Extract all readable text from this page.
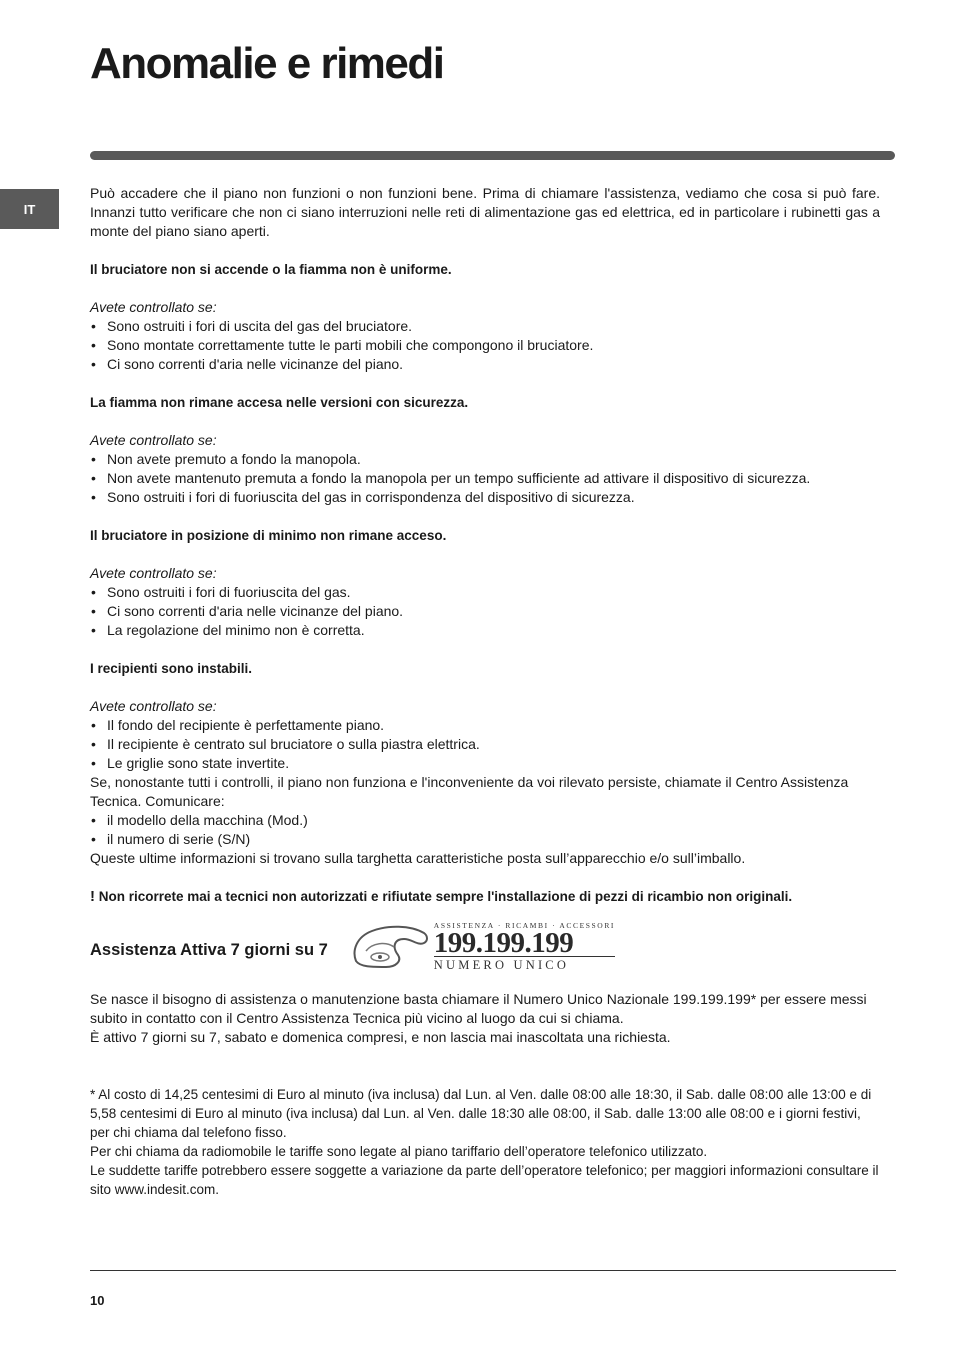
Anomalie e rimedi
IT

Può accadere che il piano non funzioni o non funzioni bene. Prima di chiamare l'assistenza, vediamo che cosa si può fare. Innanzi tutto verificare che non ci siano interruzioni nelle reti di alimentazione gas ed elettrica, ed in particolare i rubinetti gas a monte del piano siano aperti.

Il bruciatore non si accende o la fiamma non è uniforme.

Avete controllato se:

• Sono ostruiti i fori di uscita del gas del bruciatore.
• Sono montate correttamente tutte le parti mobili che compongono il bruciatore.
• Ci sono correnti d'aria nelle vicinanze del piano.

La fiamma non rimane accesa nelle versioni con sicurezza.

Avete controllato se:

• Non avete premuto a fondo la manopola.
• Non avete mantenuto premuta a fondo la manopola per un tempo sufficiente ad attivare il dispositivo di sicurezza.
• Sono ostruiti i fori di fuoriuscita del gas in corrispondenza del dispositivo di sicurezza.

Il bruciatore in posizione di minimo non rimane acceso.

Avete controllato se:

• Sono ostruiti i fori di fuoriuscita del gas.
• Ci sono correnti d'aria nelle vicinanze del piano.
• La regolazione del minimo non è corretta.

I recipienti sono instabili.

Avete controllato se:

• Il fondo del recipiente è perfettamente piano.
• Il recipiente è centrato sul bruciatore o sulla piastra elettrica.
• Le griglie sono state invertite.

Se, nonostante tutti i controlli, il piano non funziona e l'inconveniente da voi rilevato persiste, chiamate il Centro Assistenza Tecnica. Comunicare:

• il modello della macchina (Mod.)
• il numero di serie (S/N)

Queste ultime informazioni si trovano sulla targhetta caratteristiche posta sull’apparecchio e/o sull’imballo.

! Non ricorrete mai a tecnici non autorizzati e rifiutate sempre l'installazione di pezzi di ricambio non originali.

Assistenza Attiva 7 giorni su 7
ASSISTENZA · RICAMBI · ACCESSORI
199.199.199
NUMERO UNICO

Se nasce il bisogno di assistenza o manutenzione basta chiamare il Numero Unico Nazionale 199.199.199* per essere messi subito in contatto con il Centro Assistenza Tecnica più vicino al luogo da cui si chiama.

È attivo 7 giorni su 7, sabato e domenica compresi, e non lascia mai inascoltata una richiesta.

* Al costo di 14,25 centesimi di Euro al minuto (iva inclusa) dal Lun. al Ven. dalle 08:00 alle 18:30, il Sab. dalle 08:00 alle 13:00 e di 5,58 centesimi di Euro al minuto (iva inclusa) dal Lun. al Ven. dalle 18:30 alle 08:00, il Sab. dalle 13:00 alle 08:00 e i giorni festivi, per chi chiama dal telefono fisso.

Per chi chiama da radiomobile le tariffe sono legate al piano tariffario dell’operatore telefonico utilizzato.

Le suddette tariffe potrebbero essere soggette a variazione da parte dell’operatore telefonico; per maggiori informazioni consultare il sito www.indesit.com.

10
